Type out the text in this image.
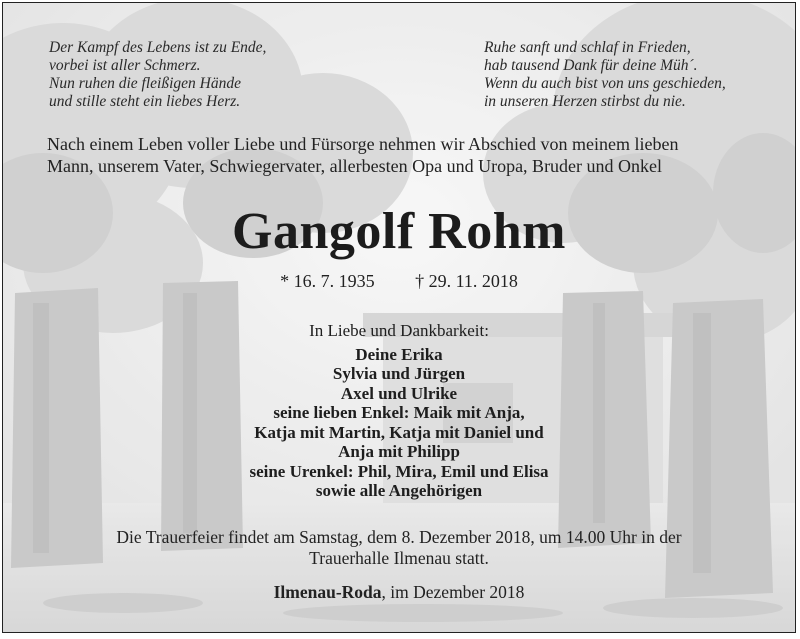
Der Kampf des Lebens ist zu Ende,
vorbei ist aller Schmerz.
Nun ruhen die fleißigen Hände
und stille steht ein liebes Herz.
Ruhe sanft und schlaf in Frieden,
hab tausend Dank für deine Müh´.
Wenn du auch bist von uns geschieden,
in unseren Herzen stirbst du nie.
Nach einem Leben voller Liebe und Fürsorge nehmen wir Abschied von meinem lieben
Mann, unserem Vater, Schwiegervater, allerbesten Opa und Uropa, Bruder und Onkel
Gangolf Rohm
* 16. 7. 1935 † 29. 11. 2018
In Liebe und Dankbarkeit:
Deine Erika
Sylvia und Jürgen
Axel und Ulrike
seine lieben Enkel: Maik mit Anja,
Katja mit Martin, Katja mit Daniel und
Anja mit Philipp
seine Urenkel: Phil, Mira, Emil und Elisa
sowie alle Angehörigen
Die Trauerfeier findet am Samstag, dem 8. Dezember 2018, um 14.00 Uhr in der
Trauerhalle Ilmenau statt.
Ilmenau-Roda, im Dezember 2018
